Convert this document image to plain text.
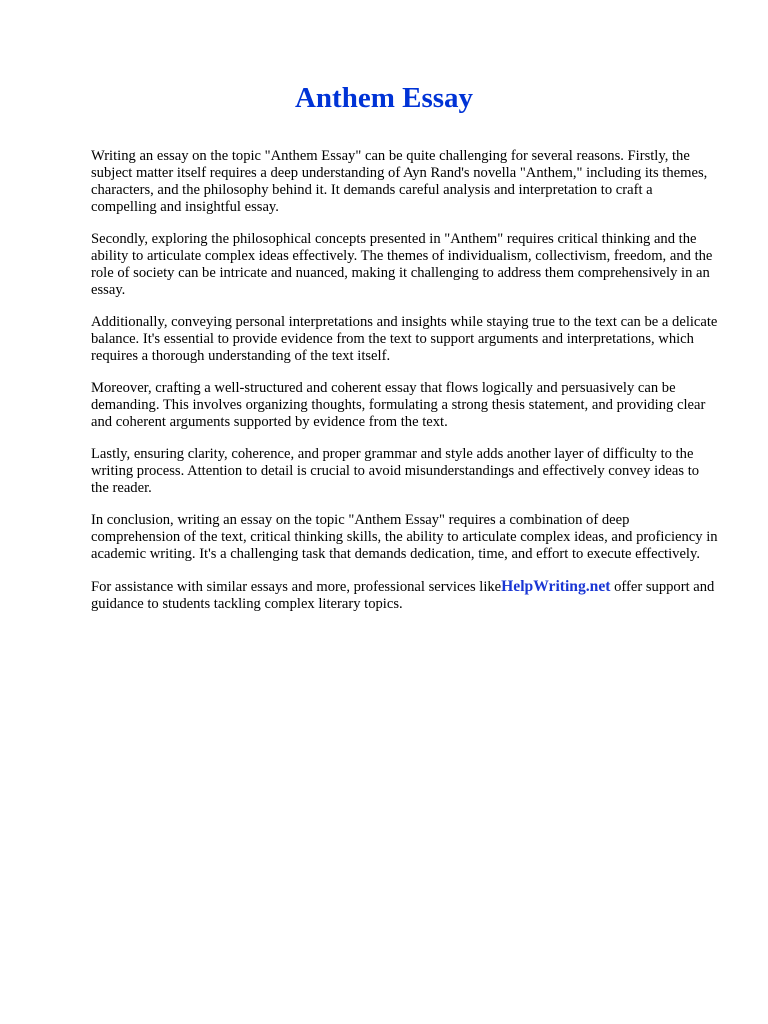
Anthem Essay

Writing an essay on the topic "Anthem Essay" can be quite challenging for several reasons. Firstly, the subject matter itself requires a deep understanding of Ayn Rand's novella "Anthem," including its themes, characters, and the philosophy behind it. It demands careful analysis and interpretation to craft a compelling and insightful essay.

Secondly, exploring the philosophical concepts presented in "Anthem" requires critical thinking and the ability to articulate complex ideas effectively. The themes of individualism, collectivism, freedom, and the role of society can be intricate and nuanced, making it challenging to address them comprehensively in an essay.

Additionally, conveying personal interpretations and insights while staying true to the text can be a delicate balance. It's essential to provide evidence from the text to support arguments and interpretations, which requires a thorough understanding of the text itself.

Moreover, crafting a well-structured and coherent essay that flows logically and persuasively can be demanding. This involves organizing thoughts, formulating a strong thesis statement, and providing clear and coherent arguments supported by evidence from the text.

Lastly, ensuring clarity, coherence, and proper grammar and style adds another layer of difficulty to the writing process. Attention to detail is crucial to avoid misunderstandings and effectively convey ideas to the reader.

In conclusion, writing an essay on the topic "Anthem Essay" requires a combination of deep comprehension of the text, critical thinking skills, the ability to articulate complex ideas, and proficiency in academic writing. It's a challenging task that demands dedication, time, and effort to execute effectively.

For assistance with similar essays and more, professional services likeHelpWriting.net offer support and guidance to students tackling complex literary topics.
